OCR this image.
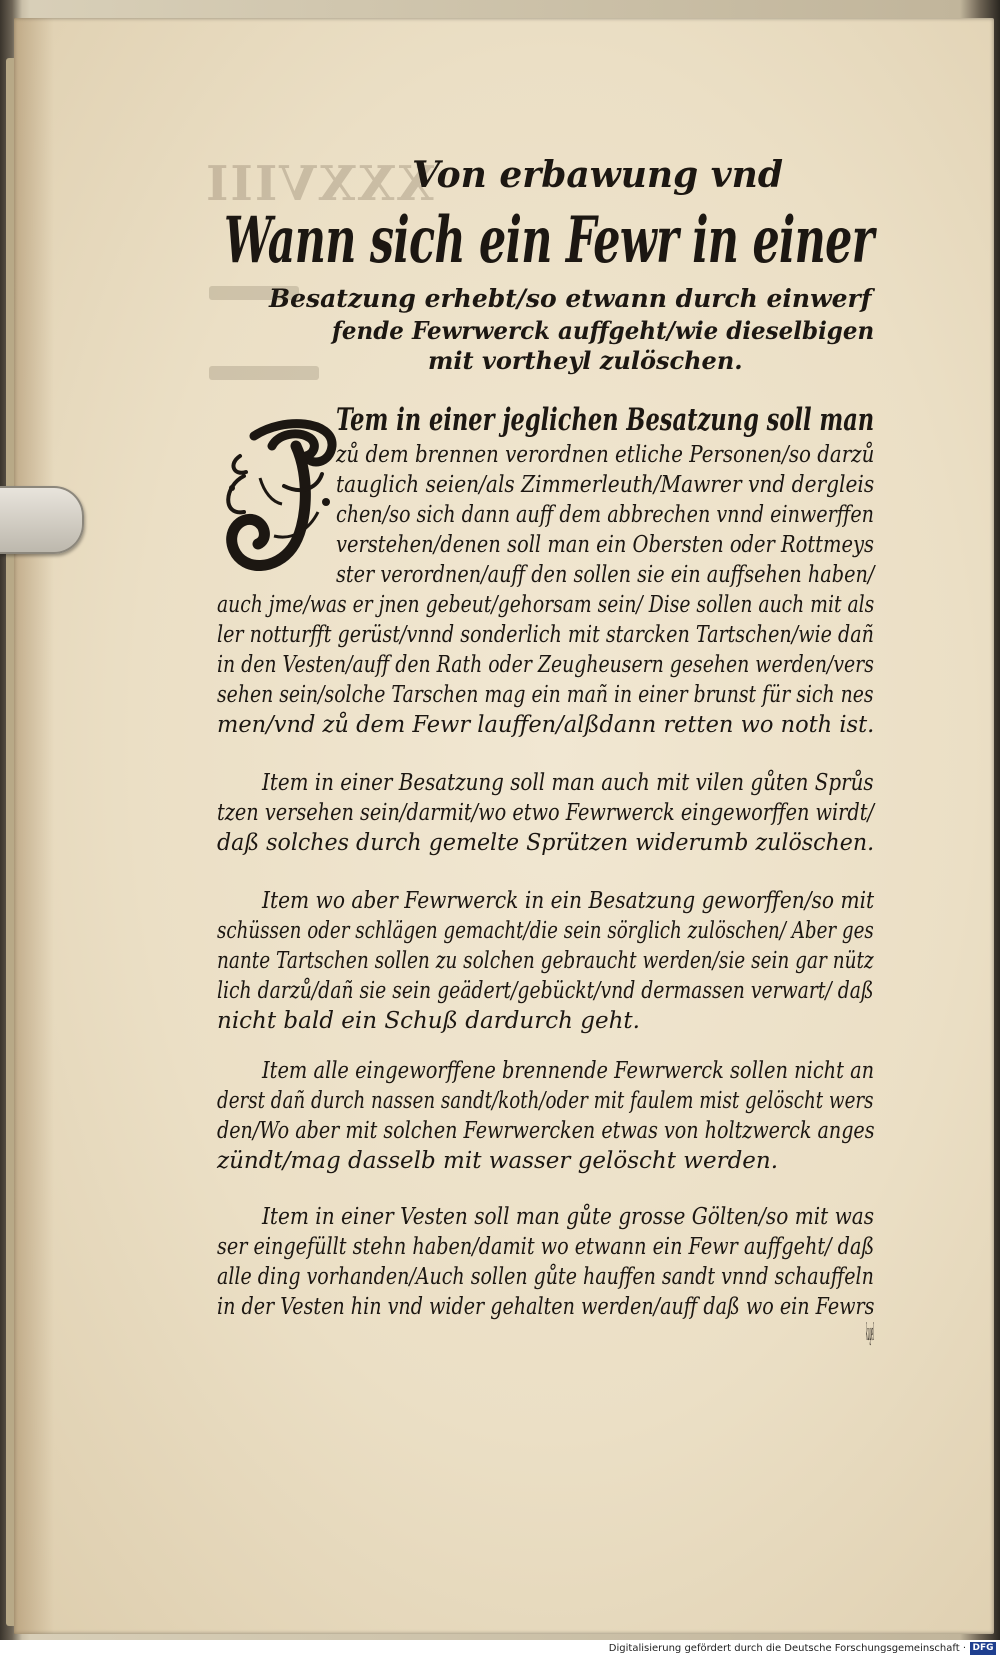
XXXVIII
Von erbawung vnd
Wann sich ein Fewr in einer
Besatzung erhebt/so etwann durch einwerf
fende Fewrwerck auffgeht/wie dieselbigen
mit vortheyl zulöschen.
Tem in einer jeglichen Besatzung soll man
zů dem brennen verordnen etliche Personen/so darzů
tauglich seien/als Zimmerleuth/Mawrer vnd dergleis
chen/so sich dann auff dem abbrechen vnnd einwerffen
verstehen/denen soll man ein Obersten oder Rottmeys
ster verordnen/auff den sollen sie ein auffsehen haben/
auch jme/was er jnen gebeut/gehorsam sein/ Dise sollen auch mit als
ler notturfft gerüst/vnnd sonderlich mit starcken Tartschen/wie dañ
in den Vesten/auff den Rath oder Zeugheusern gesehen werden/vers
sehen sein/solche Tarschen mag ein mañ in einer brunst für sich nes
men/vnd zů dem Fewr lauffen/alßdann retten wo noth ist.
Item in einer Besatzung soll man auch mit vilen gůten Sprůs
tzen versehen sein/darmit/wo etwo Fewrwerck eingeworffen wirdt/
daß solches durch gemelte Sprützen widerumb zulöschen.
Item wo aber Fewrwerck in ein Besatzung geworffen/so mit
schüssen oder schlägen gemacht/die sein sörglich zulöschen/ Aber ges
nante Tartschen sollen zu solchen gebraucht werden/sie sein gar nütz
lich darzů/dañ sie sein geädert/gebückt/vnd dermassen verwart/ daß
nicht bald ein Schuß dardurch geht.
Item alle eingeworffene brennende Fewrwerck sollen nicht an
derst dañ durch nassen sandt/koth/oder mit faulem mist gelöscht wers
den/Wo aber mit solchen Fewrwercken etwas von holtzwerck anges
zündt/mag dasselb mit wasser gelöscht werden.
Item in einer Vesten soll man gůte grosse Gölten/so mit was
ser eingefüllt stehn haben/damit wo etwann ein Fewr auffgeht/ daß
alle ding vorhanden/Auch sollen gůte hauffen sandt vnnd schauffeln
in der Vesten hin vnd wider gehalten werden/auff daß wo ein Fewrs
kugel
Digitalisierung gefördert durch die Deutsche Forschungsgemeinschaft · DFG
